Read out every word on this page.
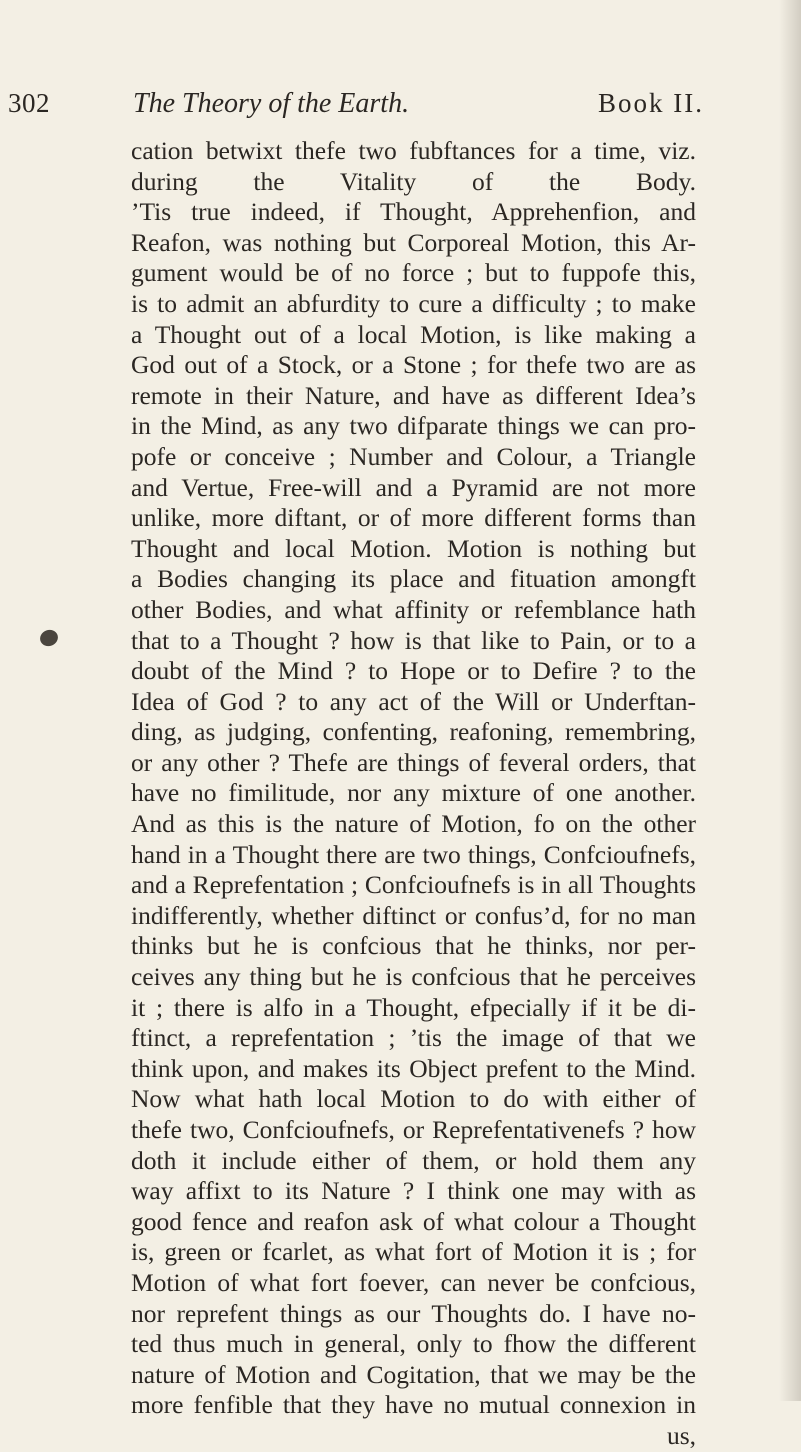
302	The Theory of the Earth.	Book II.
cation betwixt thefe two fubftances for a time, viz.
during the Vitality of the Body.
’Tis true indeed, if Thought, Apprehenfion, and
Reafon, was nothing but Corporeal Motion, this Ar-
gument would be of no force ; but to fuppofe this,
is to admit an abfurdity to cure a difficulty ; to make
a Thought out of a local Motion, is like making a
God out of a Stock, or a Stone ; for thefe two are as
remote in their Nature, and have as different Idea’s
in the Mind, as any two difparate things we can pro-
pofe or conceive ; Number and Colour, a Triangle
and Vertue, Free-will and a Pyramid are not more
unlike, more diftant, or of more different forms than
Thought and local Motion. Motion is nothing but
a Bodies changing its place and fituation amongft
other Bodies, and what affinity or refemblance hath
that to a Thought ? how is that like to Pain, or to a
doubt of the Mind ? to Hope or to Defire ? to the
Idea of God ? to any act of the Will or Underftan-
ding, as judging, confenting, reafoning, remembring,
or any other ? Thefe are things of feveral orders, that
have no fimilitude, nor any mixture of one another.
And as this is the nature of Motion, fo on the other
hand in a Thought there are two things, Confcioufnefs,
and a Reprefentation ; Confcioufnefs is in all Thoughts
indifferently, whether diftinct or confus’d, for no man
thinks but he is confcious that he thinks, nor per-
ceives any thing but he is confcious that he perceives
it ; there is alfo in a Thought, efpecially if it be di-
ftinct, a reprefentation ; ’tis the image of that we
think upon, and makes its Object prefent to the Mind.
Now what hath local Motion to do with either of
thefe two, Confcioufnefs, or Reprefentativenefs ? how
doth it include either of them, or hold them any
way affixt to its Nature ? I think one may with as
good fence and reafon ask of what colour a Thought
is, green or fcarlet, as what fort of Motion it is ; for
Motion of what fort foever, can never be confcious,
nor reprefent things as our Thoughts do. I have no-
ted thus much in general, only to fhow the different
nature of Motion and Cogitation, that we may be the
more fenfible that they have no mutual connexion in
us,
